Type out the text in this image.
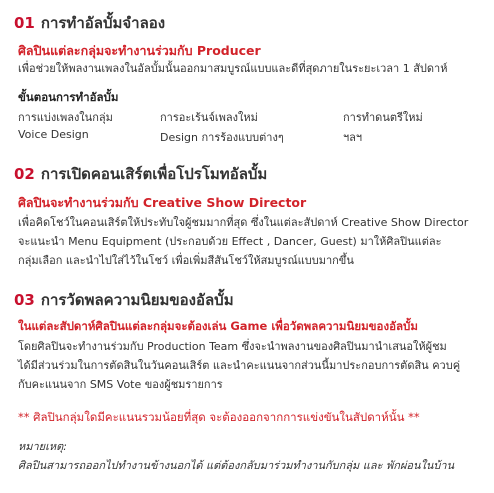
01 การทำอัลบั้มจำลอง
ศิลปินแต่ละกลุ่มจะทำงานร่วมกับ Producer
เพื่อช่วยให้พลงานเพลงในอัลบั้มนั้นออกมาสมบูรณ์แบบและดีที่สุดภายในระยะเวลา 1 สัปดาห์
ขั้นตอนการทำอัลบั้ม
การแบ่งเพลงในกลุ่ม	การอะเร้นจ์เพลงใหม่	การทำดนตรีใหม่
Voice Design	Design การร้องแบบต่างๆ	ฯลฯ
02 การเปิดคอนเสิร์ตเพื่อโปรโมทอัลบั้ม
ศิลปินจะทำงานร่วมกับ Creative Show Director
เพื่อคิดโชว์ในคอนเสิร์ตให้ประทับใจผู้ชมมากที่สุด ซึ่งในแต่ละสัปดาห์ Creative Show Director
จะแนะนำ Menu Equipment (ประกอบด้วย Effect , Dancer, Guest) มาให้ศิลปินแต่ละ
กลุ่มเลือก และนำไปใส่ไว้ในโชว์ เพื่อเพิ่มสีสันโชว์ให้สมบูรณ์แบบมากขึ้น
03 การวัดพลความนิยมของอัลบั้ม
ในแต่ละสัปดาห์ศิลปินแต่ละกลุ่มจะต้องเล่น Game เพื่อวัดพลความนิยมของอัลบั้ม
โดยศิลปินจะทำงานร่วมกับ Production Team ซึ่งจะนำพลงานของศิลปินมานำเสนอให้ผู้ชม
ได้มีส่วนร่วมในการตัดสินในวันคอนเสิร์ต และนำคะแนนจากส่วนนี้มาประกอบการตัดสิน ควบคู่
กับคะแนนจาก SMS Vote ของผู้ชมรายการ
** ศิลปินกลุ่มใดมีคะแนนรวมน้อยที่สุด จะต้องออกจากการแข่งขันในสัปดาห์นั้น **
หมายเหตุ:
ศิลปินสามารถออกไปทำงานข้างนอกได้ แต่ต้องกลับมาร่วมทำงานกับกลุ่ม และ พักผ่อนในบ้าน
